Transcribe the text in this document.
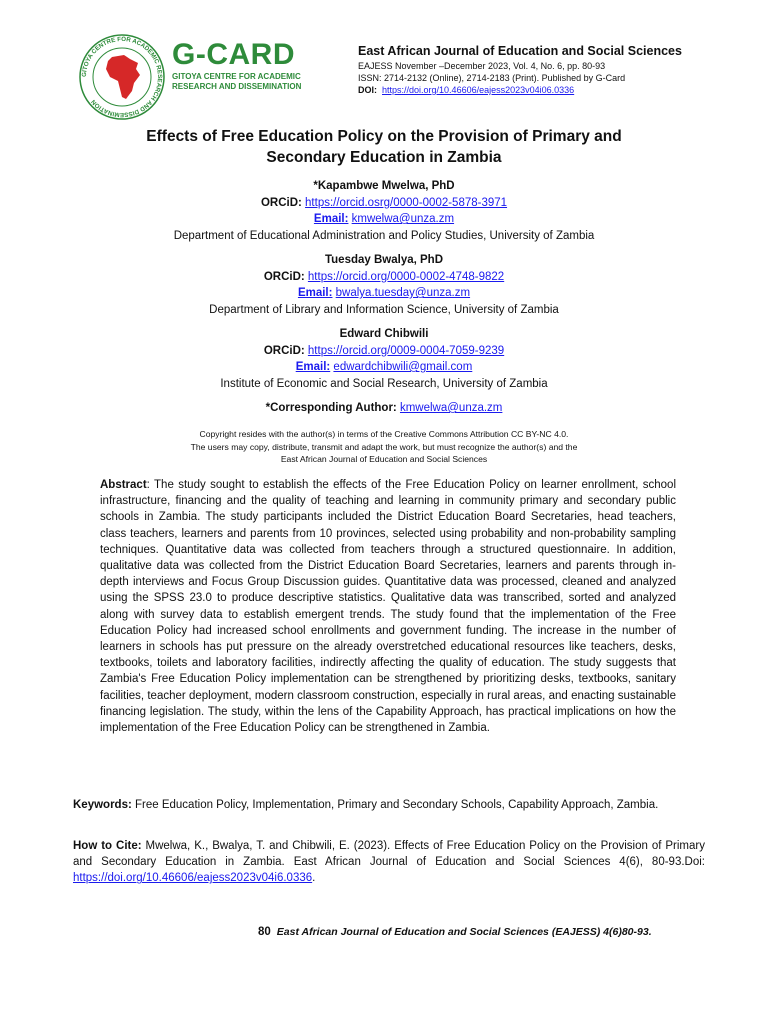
GITOYA CENTRE FOR ACADEMIC RESEARCH AND DISSEMINATION
G-CARD
GITOYA CENTRE FOR ACADEMIC
RESEARCH AND DISSEMINATION
East African Journal of Education and Social Sciences
EAJESS November –December 2023, Vol. 4, No. 6, pp. 80-93
ISSN: 2714-2132 (Online), 2714-2183 (Print). Published by G-Card
DOI: https://doi.org/10.46606/eajess2023v04i06.0336
Effects of Free Education Policy on the Provision of Primary and
Secondary Education in Zambia
*Kapambwe Mwelwa, PhD
ORCiD: https://orcid.osrg/0000-0002-5878-3971
Email: kmwelwa@unza.zm
Department of Educational Administration and Policy Studies, University of Zambia
Tuesday Bwalya, PhD
ORCiD: https://orcid.org/0000-0002-4748-9822
Email: bwalya.tuesday@unza.zm
Department of Library and Information Science, University of Zambia
Edward Chibwili
ORCiD: https://orcid.org/0009-0004-7059-9239
Email: edwardchibwili@gmail.com
Institute of Economic and Social Research, University of Zambia
*Corresponding Author: kmwelwa@unza.zm
Copyright resides with the author(s) in terms of the Creative Commons Attribution CC BY-NC 4.0.
The users may copy, distribute, transmit and adapt the work, but must recognize the author(s) and the
East African Journal of Education and Social Sciences
Abstract: The study sought to establish the effects of the Free Education Policy on learner enrollment, school infrastructure, financing and the quality of teaching and learning in community primary and secondary public schools in Zambia. The study participants included the District Education Board Secretaries, head teachers, class teachers, learners and parents from 10 provinces, selected using probability and non-probability sampling techniques. Quantitative data was collected from teachers through a structured questionnaire. In addition, qualitative data was collected from the District Education Board Secretaries, learners and parents through in-depth interviews and Focus Group Discussion guides. Quantitative data was processed, cleaned and analyzed using the SPSS 23.0 to produce descriptive statistics. Qualitative data was transcribed, sorted and analyzed along with survey data to establish emergent trends. The study found that the implementation of the Free Education Policy had increased school enrollments and government funding. The increase in the number of learners in schools has put pressure on the already overstretched educational resources like teachers, desks, textbooks, toilets and laboratory facilities, indirectly affecting the quality of education. The study suggests that Zambia's Free Education Policy implementation can be strengthened by prioritizing desks, textbooks, sanitary facilities, teacher deployment, modern classroom construction, especially in rural areas, and enacting sustainable financing legislation. The study, within the lens of the Capability Approach, has practical implications on how the implementation of the Free Education Policy can be strengthened in Zambia.
Keywords: Free Education Policy, Implementation, Primary and Secondary Schools, Capability Approach, Zambia.
How to Cite: Mwelwa, K., Bwalya, T. and Chibwili, E. (2023). Effects of Free Education Policy on the Provision of Primary and Secondary Education in Zambia. East African Journal of Education and Social Sciences 4(6), 80-93.Doi: https://doi.org/10.46606/eajess2023v04i6.0336.
80 East African Journal of Education and Social Sciences (EAJESS) 4(6)80-93.
